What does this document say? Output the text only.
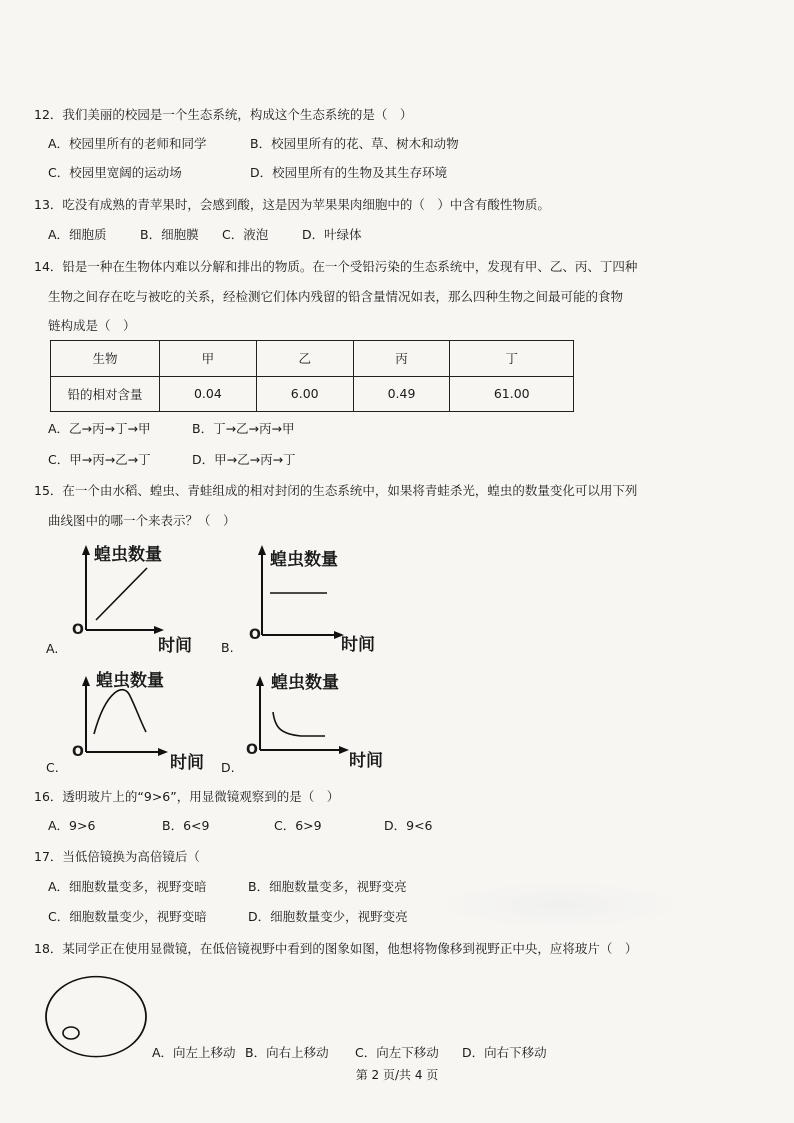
12．我们美丽的校园是一个生态系统，构成这个生态系统的是（　）
A．校园里所有的老师和同学	B．校园里所有的花、草、树木和动物
C．校园里宽阔的运动场	D．校园里所有的生物及其生存环境
13．吃没有成熟的青苹果时，会感到酸，这是因为苹果果肉细胞中的（　）中含有酸性物质。
A．细胞质	B．细胞膜 C．液泡	D．叶绿体
14．铅是一种在生物体内难以分解和排出的物质。在一个受铅污染的生态系统中，发现有甲、乙、丙、丁四种
生物之间存在吃与被吃的关系，经检测它们体内残留的铅含量情况如表，那么四种生物之间最可能的食物
链构成是（　）
生物	甲	乙	丙	丁
铅的相对含量	0.04	6.00	0.49	61.00
A．乙→丙→丁→甲	B．丁→乙→丙→甲
C．甲→丙→乙→丁	D．甲→乙→丙→丁
15．在一个由水稻、蝗虫、青蛙组成的相对封闭的生态系统中，如果将青蛙杀光，蝗虫的数量变化可以用下列
曲线图中的哪一个来表示？（　）
蝗虫数量
时间
O
A.
蝗虫数量
时间
O
B.
蝗虫数量
时间
O
C.
蝗虫数量
时间
O
D.
16．透明玻片上的“9>6”，用显微镜观察到的是（　）
A．9>6	B．6<9	C．6>9	D．9<6
17．当低倍镜换为高倍镜后（
A．细胞数量变多，视野变暗	B．细胞数量变多，视野变亮
C．细胞数量变少，视野变暗	D．细胞数量变少，视野变亮
18．某同学正在使用显微镜，在低倍镜视野中看到的图象如图，他想将物像移到视野正中央，应将玻片（　）
A．向左上移动 B．向右上移动 C．向左下移动 D．向右下移动
第 2 页/共 4 页
